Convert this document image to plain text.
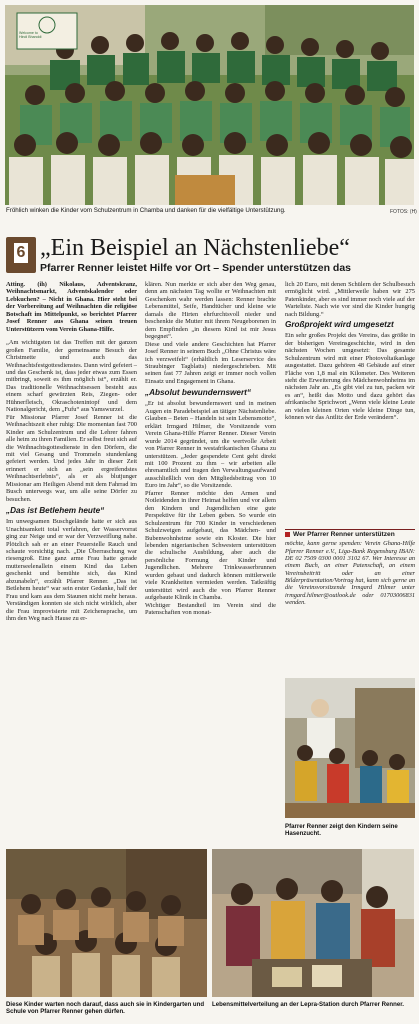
Hindi Bhanddi
Welcome to
Fröhlich winken die Kinder vom Schulzentrum in Chamba und danken für die vielfältige Unterstützung.	FOTOS: (H)
6 „Ein Beispiel an Nächstenliebe“
Pfarrer Renner leistet Hilfe vor Ort – Spender unterstützen das

Atting. (ih) Nikolaus, Adventskranz, Weihnachtsmarkt, Adventskalender oder Lebkuchen? – Nicht in Ghana. Hier steht bei der Vorbereitung auf Weihnachten die religiöse Botschaft im Mittelpunkt, so berichtet Pfarrer Josef Renner aus Ghana seinen treuen Unterstützern vom Verein Ghana-Hilfe.

„Am wichtigsten ist das Treffen mit der ganzen großen Familie, der gemeinsame Besuch der Christmette und auch das Weihnachtsfestgottesdienstes. Dann wird gefeiert – und das Geschenk ist, dass jeder etwas zum Essen mitbringt, soweit es ihm möglich ist“, erzählt er. Das traditionelle Weihnachtsessen besteht aus einem scharf gewürzten Reis, Ziegen- oder Hühnerfleisch, Okraschotenintopf und dem Nationalgericht, dem „Fufu“ aus Yamswurzel.

Für Missionar Pfarrer Josef Renner ist die Weihnachtszeit eher ruhig: Die momentan fast 700 Kinder am Schulzentrum und die Lehrer fahren alle heim zu ihren Familien. Er selbst freut sich auf die Weihnachtsgottesdienste in den Dörfern, die mit viel Gesang und Trommeln stundenlang gefeiert werden. Und jedes Jahr in dieser Zeit erinnert er sich an „sein ergreifendstes Weihnachtserlebnis“, als er als blutjunger Missionar am Heiligen Abend mit dem Fahrrad im Busch unterwegs war, um alle seine Dörfer zu besuchen.

„Das ist Betlehem heute“

Im unwegsamen Buschgelände hatte er sich aus Unachtsamkeit total verfahren, der Wasservorrat ging zur Neige und er war der Verzweiflung nahe. Plötzlich sah er an einer Feuerstelle Rauch und schaute vorsichtig nach. „Die Überraschung war riesengroß. Eine ganz arme Frau hatte gerade mutterseelenallein einem Kind das Leben geschenkt und bemühte sich, das Kind abzunabeln“, erzählt Pfarrer Renner. „Das ist Betlehem heute“ war sein erster Gedanke, half der Frau und kam aus dem Staunen nicht mehr heraus. Verständigen konnten sie sich nicht wirklich, aber die Frau improvisierte mit Zeichensprache, um ihm den Weg nach Hause zu er-

klären. Nun merkte er sich aber den Weg genau, denn am nächsten Tag wollte er Weihnachten mit Geschenken wahr werden lassen: Renner brachte Lebensmittel, Seife, Handtücher und kleine wie damals die Hirten ehrfurchtsvoll nieder und beschenkte die Mutter mit ihrem Neugeborenen in dem Empfinden „in diesem Kind ist mir Jesus begegnet“.

Diese und viele andere Geschichten hat Pfarrer Josef Renner in seinem Buch „Ohne Christus wäre ich verzweifelt“ (erhältlich im Leserservice des Straubinger Tagblatts) niedergeschrieben. Mit seinen fast 77 Jahren zeigt er immer noch vollen Einsatz und Engagement in Ghana.

„Absolut bewundernswert“

„Er ist absolut bewundernswert und in meinen Augen ein Paradebeispiel an tätiger Nächstenliebe. Glauben – Beten – Handeln ist sein Lebensmotto“, erklärt Irmgard Hilmer, die Vorsitzende vom Verein Ghana-Hilfe Pfarrer Renner. Dieser Verein wurde 2014 gegründet, um die wertvolle Arbeit von Pfarrer Renner in westafrikanischen Ghana zu unterstützen. „Jeder gespendete Cent geht direkt mit 100 Prozent zu ihm – wir arbeiten alle ehrenamtlich und tragen den Verwaltungsaufwand ausschließlich von den Mitgliedsbeitrag von 10 Euro im Jahr“, so die Vorsitzende.

Pfarrer Renner möchte den Armen und Notleidenden in ihrer Heimat helfen und vor allem den Kindern und Jugendlichen eine gute Perspektive für ihr Leben geben. So wurde ein Schulzentrum für 700 Kinder in verschiedenen Schulzweigen aufgebaut, das Mädchen- und Bubenwohnheime sowie ein Kloster. Die hier lebenden nigerianischen Schwestern unterstützen die schulische Ausbildung, aber auch die persönliche Formung der Kinder und Jugendlichen. Mehrere Trinkwasserbrunnen wurden gebaut und dadurch können mittlerweile viele Krankheiten vermieden werden. Tatkräftig unterstützt wird auch die von Pfarrer Renner aufgebaute Klinik in Chamba.

Wichtiger Bestandteil im Verein sind die Patenschaften von monat-

lich 20 Euro, mit denen Schülern der Schulbesuch ermöglicht wird. „Mittlerweile haben wir 275 Patenkinder, aber es sind immer noch viele auf der Warteliste. Nach wie vor sind die Kinder hungrig nach Bildung.“

Großprojekt wird umgesetzt

Ein sehr großes Projekt des Vereins, das größte in der bisherigen Vereinsgeschichte, wird in den nächsten Wochen umgesetzt: Das gesamte Schulzentrum wird mit einer Photovoltaikanlage ausgestattet. Dazu gehören 48 Gebäude auf einer Fläche von 1,8 mal ein Kilometer. Des Weiteren steht die Erweiterung des Mädchenwohnheims im nächsten Jahr an. „Es gibt viel zu tun, packen wir es an“, heißt das Motto und dazu gehört das afrikanische Sprichwort „Wenn viele kleine Leute an vielen kleinen Orten viele kleine Dinge tun, können wir das Antlitz der Erde verändern“.

Wer Pfarrer Renner unterstützen
möchte, kann gerne spenden: Verein Ghana-Hilfe Pfarrer Renner e.V., Liga-Bank Regensburg IBAN: DE 02 7509 0300 0001 3102 67. Wer Interesse an einem Buch, an einer Patenschaft, an einem Vereinsbeitritt oder an einer Bilderpräsentation/Vortrag hat, kann sich gerne an die Vereinsvorsitzende Irmgard Hilmer unter irmgard.hilmer@outlook.de oder 01703006831 wenden.
Pfarrer Renner zeigt den Kindern seine Hasenzucht.
Diese Kinder warten noch darauf, dass auch sie in Kindergarten und Schule von Pfarrer Renner gehen dürfen.
Lebensmittelverteilung an der Lepra-Station durch Pfarrer Renner.
